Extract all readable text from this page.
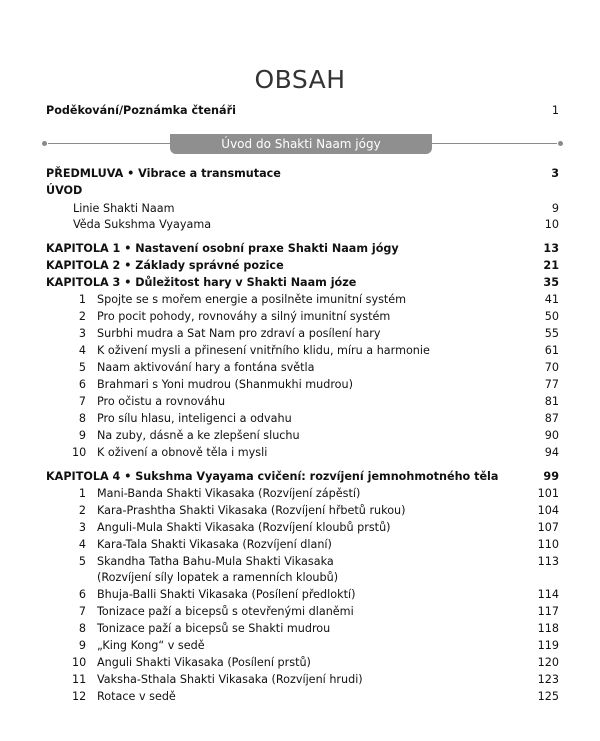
OBSAH
Poděkování/Poznámka čtenáři	1
Úvod do Shakti Naam jógy
PŘEDMLUVA • Vibrace a transmutace	3
ÚVOD
Linie Shakti Naam	9
Věda Sukshma Vyayama	10
KAPITOLA 1 • Nastavení osobní praxe Shakti Naam jógy	13
KAPITOLA 2 • Základy správné pozice	21
KAPITOLA 3 • Důležitost hary v Shakti Naam józe	35
1 Spojte se s mořem energie a posilněte imunitní systém	41
2 Pro pocit pohody, rovnováhy a silný imunitní systém	50
3 Surbhi mudra a Sat Nam pro zdraví a posílení hary	55
4 K oživení mysli a přinesení vnitřního klidu, míru a harmonie	61
5 Naam aktivování hary a fontána světla	70
6 Brahmari s Yoni mudrou (Shanmukhi mudrou)	77
7 Pro očistu a rovnováhu	81
8 Pro sílu hlasu, inteligenci a odvahu	87
9 Na zuby, dásně a ke zlepšení sluchu	90
10 K oživení a obnově těla i mysli	94
KAPITOLA 4 • Sukshma Vyayama cvičení: rozvíjení jemnohmotného těla	99
1 Mani-Banda Shakti Vikasaka (Rozvíjení zápěstí)	101
2 Kara-Prashtha Shakti Vikasaka (Rozvíjení hřbetů rukou)	104
3 Anguli-Mula Shakti Vikasaka (Rozvíjení kloubů prstů)	107
4 Kara-Tala Shakti Vikasaka (Rozvíjení dlaní)	110
5 Skandha Tatha Bahu-Mula Shakti Vikasaka	113
(Rozvíjení síly lopatek a ramenních kloubů)
6 Bhuja-Balli Shakti Vikasaka (Posílení předloktí)	114
7 Tonizace paží a bicepsů s otevřenými dlaněmi	117
8 Tonizace paží a bicepsů se Shakti mudrou	118
9 „King Kong“ v sedě	119
10 Anguli Shakti Vikasaka (Posílení prstů)	120
11 Vaksha-Sthala Shakti Vikasaka (Rozvíjení hrudi)	123
12 Rotace v sedě	125
